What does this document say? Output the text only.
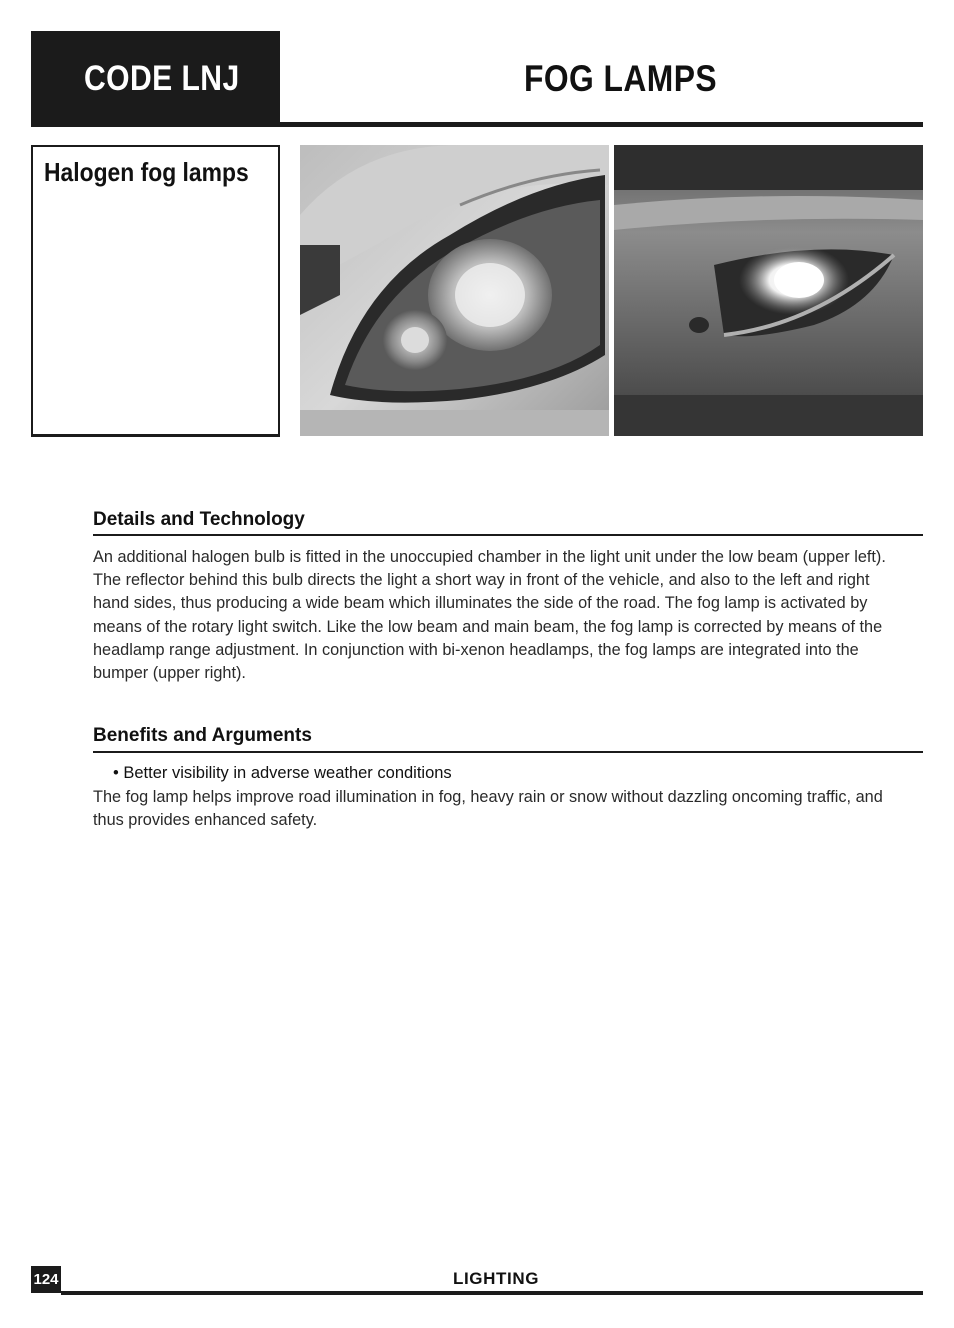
CODE LNJ	FOG LAMPS
Halogen fog lamps
Details and Technology
An additional halogen bulb is fitted in the unoccupied chamber in the light unit under the low beam (upper left). The reflector behind this bulb directs the light a short way in front of the vehicle, and also to the left and right hand sides, thus producing a wide beam which illuminates the side of the road. The fog lamp is activated by means of the rotary light switch. Like the low beam and main beam, the fog lamp is corrected by means of the headlamp range adjustment. In conjunction with bi-xenon headlamps, the fog lamps are integrated into the bumper (upper right).
Benefits and Arguments
• Better visibility in adverse weather conditions
The fog lamp helps improve road illumination in fog, heavy rain or snow without dazzling oncoming traffic, and thus provides enhanced safety.
124	LIGHTING
